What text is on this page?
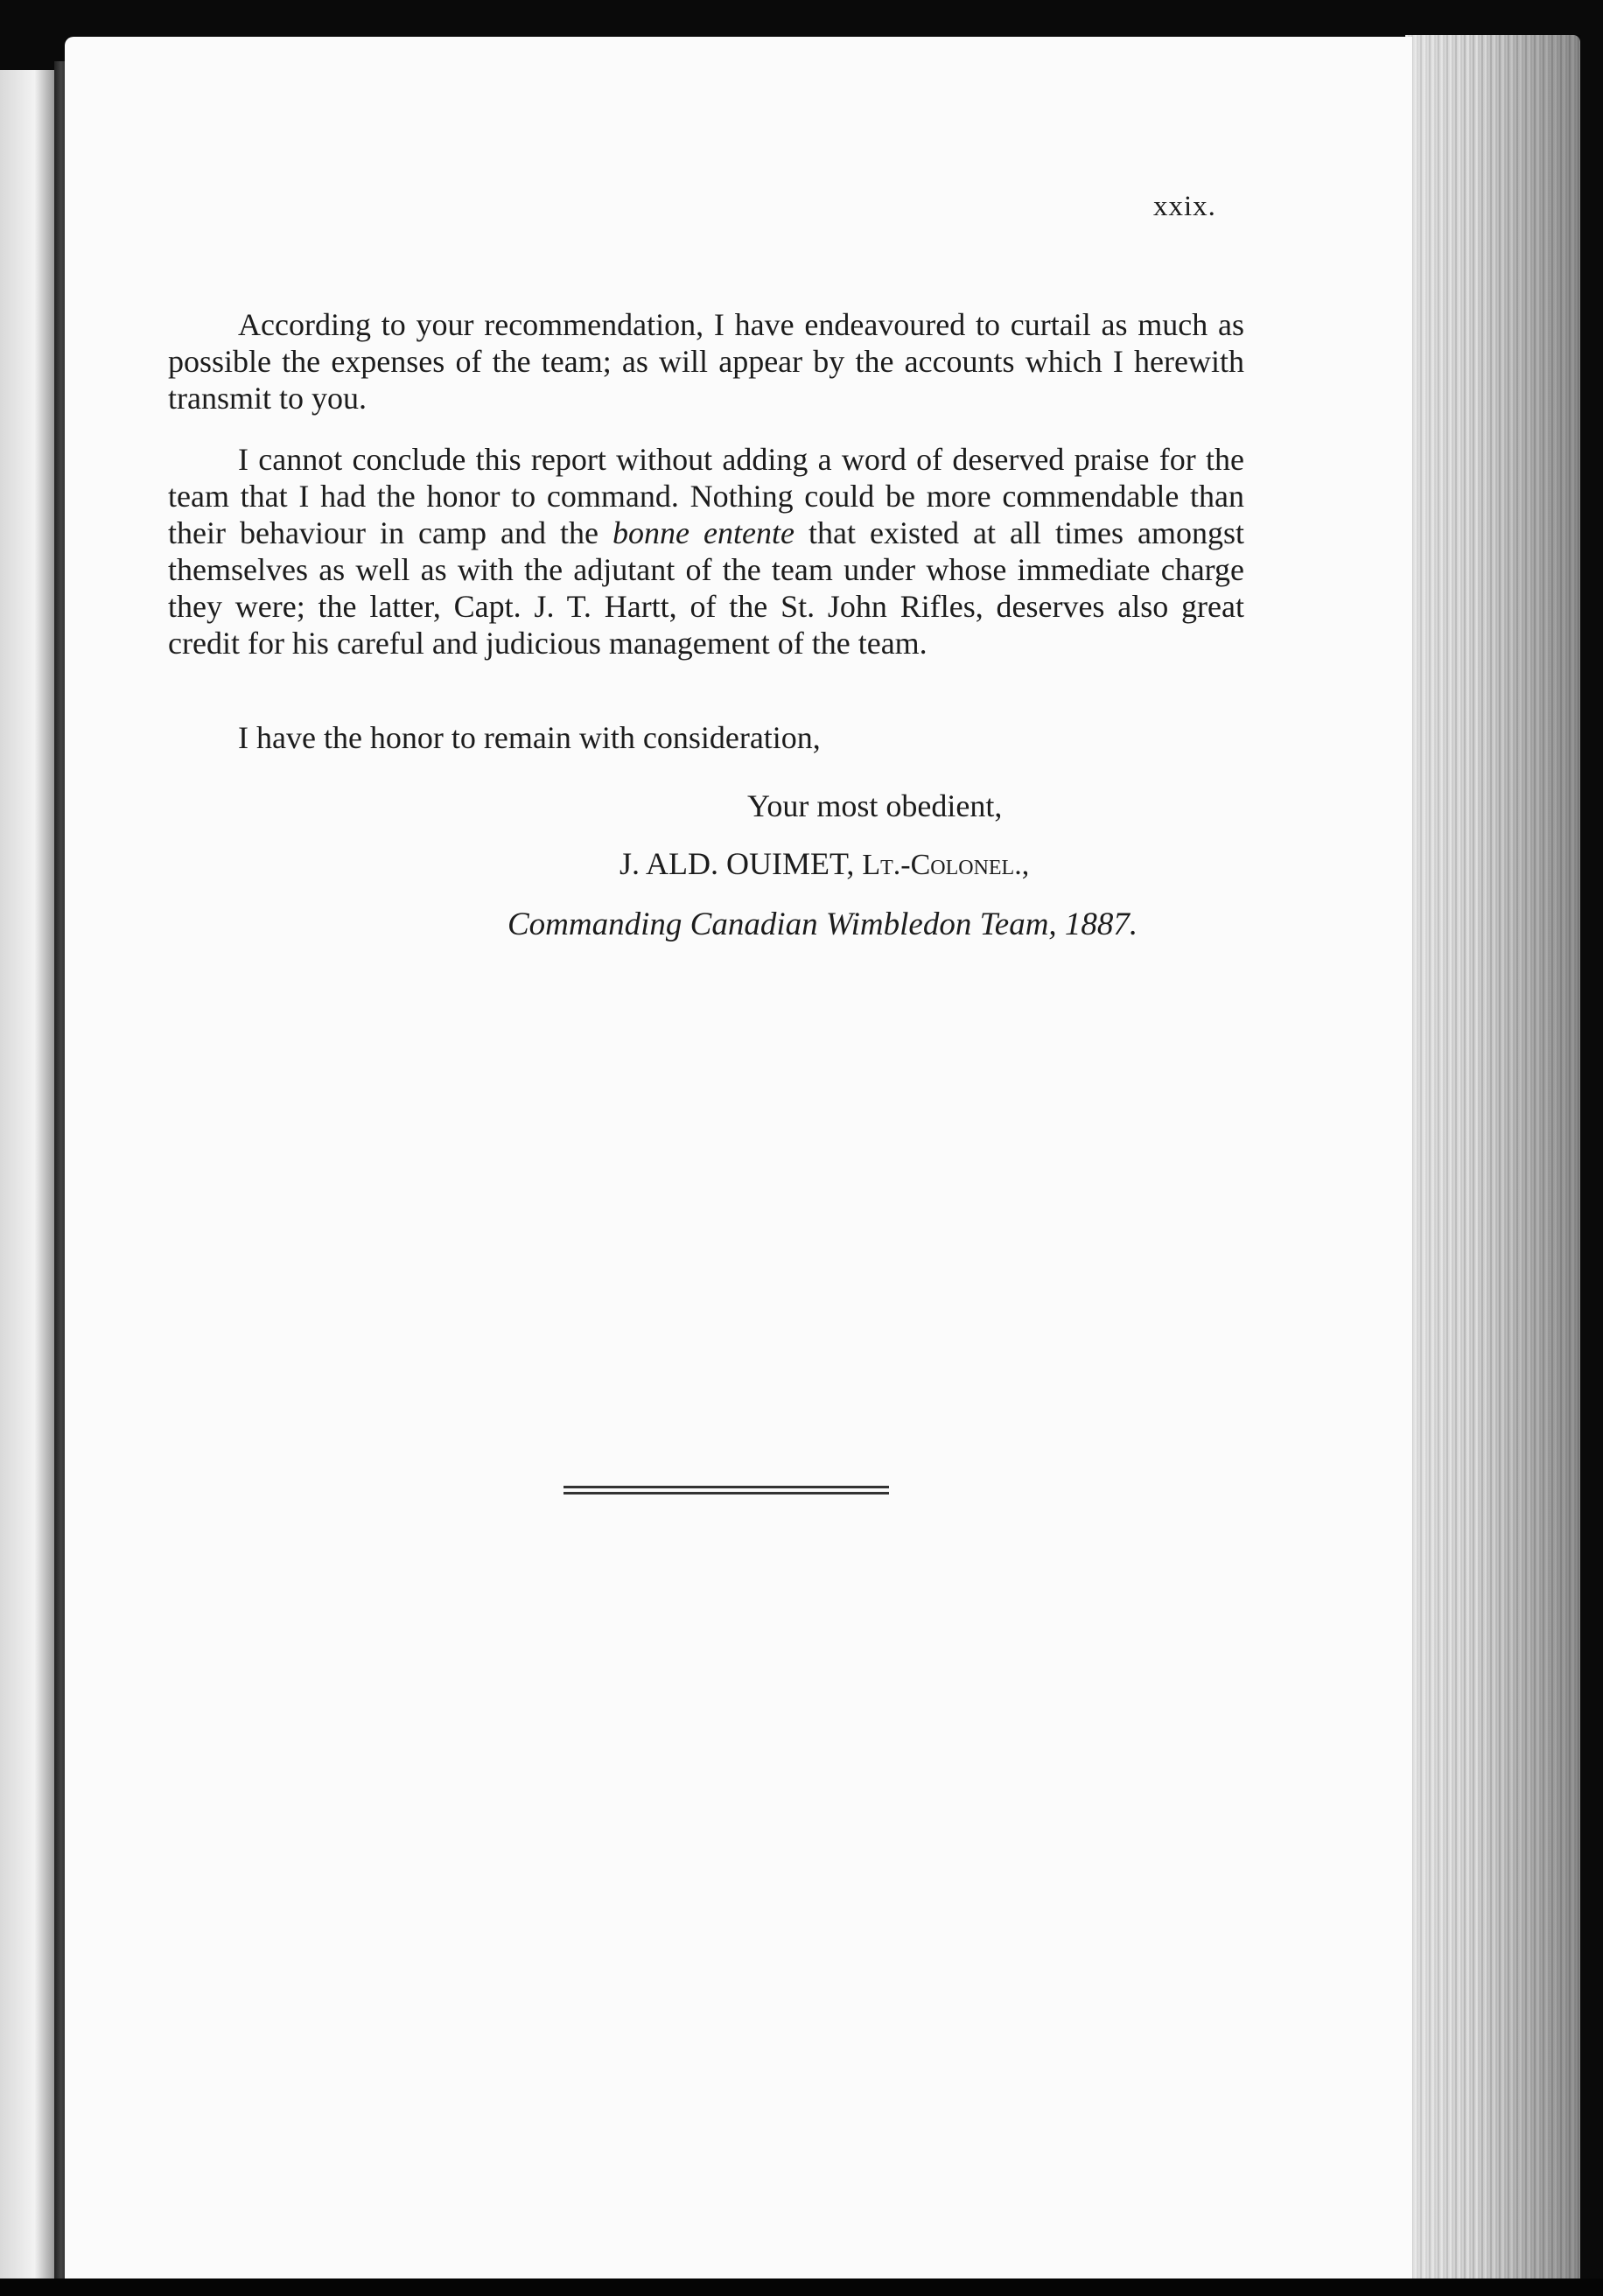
xxix.

According to your recommendation, I have endeavoured to curtail as much as possible the expenses of the team; as will appear by the accounts which I herewith transmit to you.

I cannot conclude this report without adding a word of deserved praise for the team that I had the honor to command. Nothing could be more commendable than their behaviour in camp and the bonne entente that existed at all times amongst themselves as well as with the adjutant of the team under whose immediate charge they were; the latter, Capt. J. T. Hartt, of the St. John Rifles, deserves also great credit for his careful and judicious management of the team.

I have the honor to remain with consideration,

Your most obedient,

J. ALD. OUIMET, Lt.-Colonel.,

Commanding Canadian Wimbledon Team, 1887.
